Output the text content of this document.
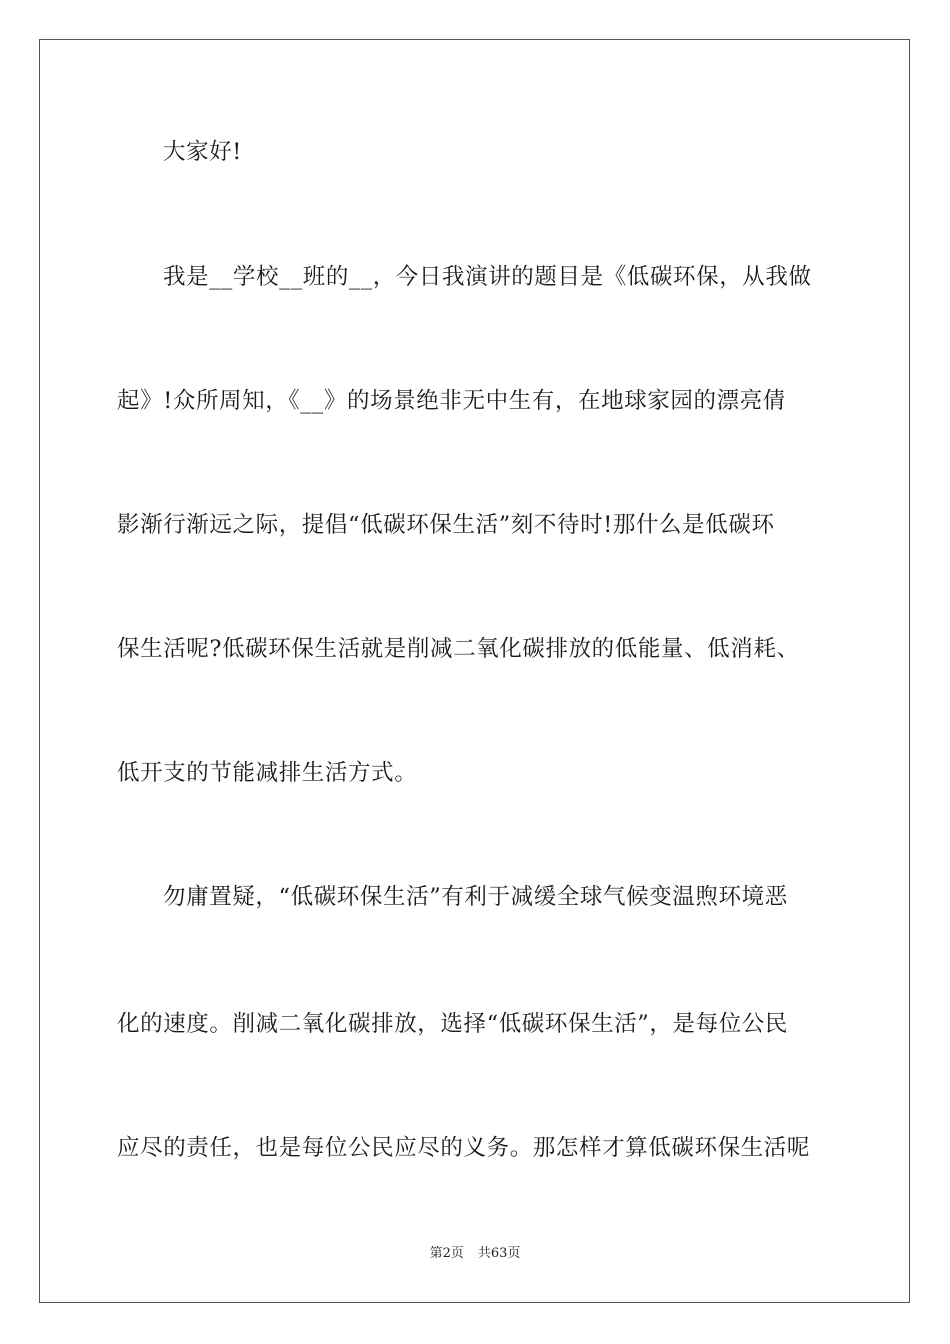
大家好!
我是__学校__班的__，今日我演讲的题目是《低碳环保，从我做
起》!众所周知，《__》的场景绝非无中生有，在地球家园的漂亮倩
影渐行渐远之际，提倡“低碳环保生活”刻不待时!那什么是低碳环
保生活呢?低碳环保生活就是削减二氧化碳排放的低能量、低消耗、
低开支的节能减排生活方式。
勿庸置疑，“低碳环保生活”有利于减缓全球气候变温煦环境恶
化的速度。削减二氧化碳排放，选择“低碳环保生活”，是每位公民
应尽的责任，也是每位公民应尽的义务。那怎样才算低碳环保生活呢
第2页 共63页
